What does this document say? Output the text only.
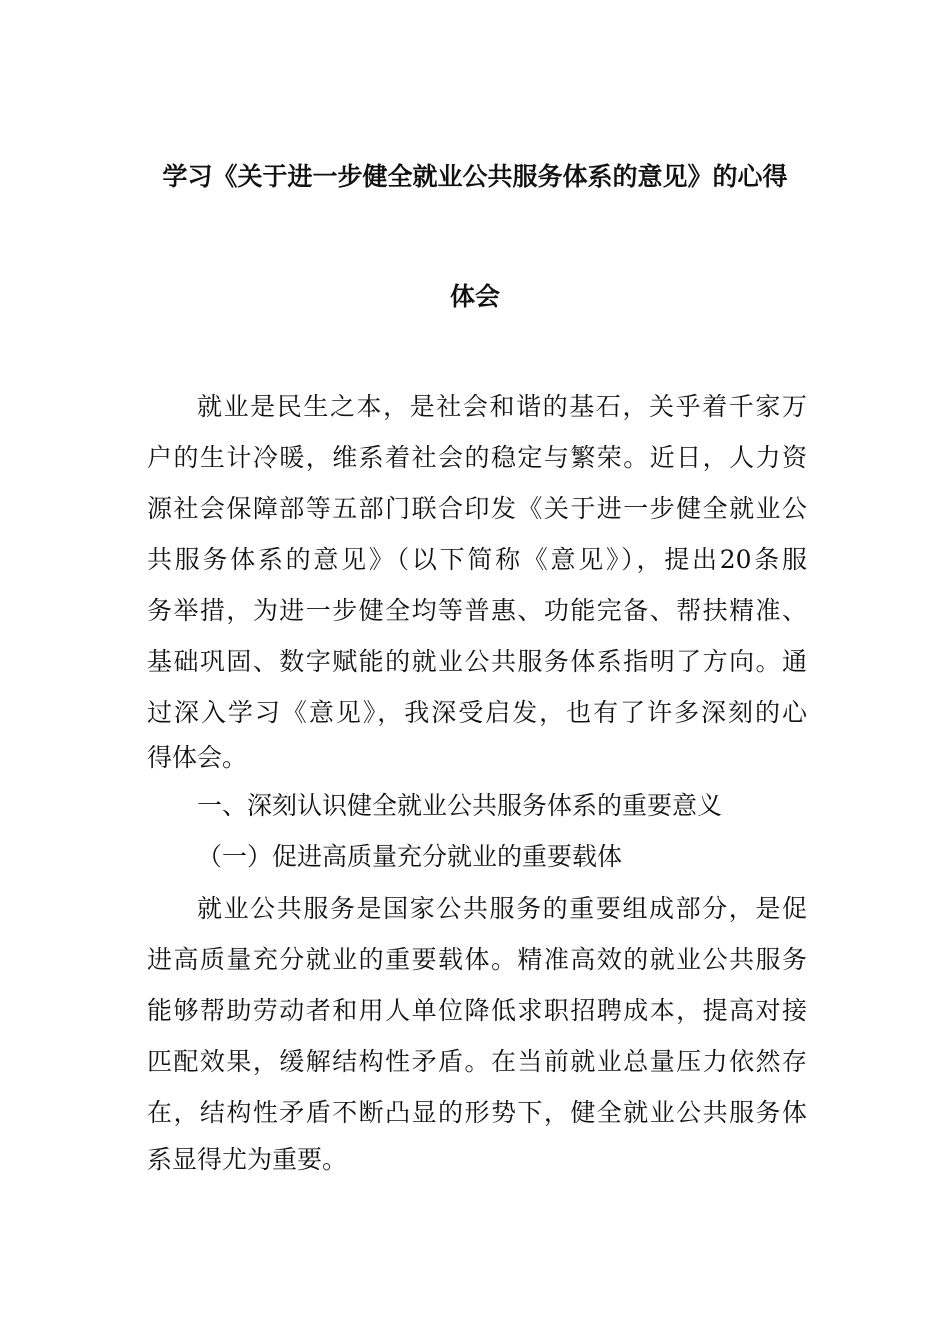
学习《关于进一步健全就业公共服务体系的意见》的心得
体会
就业是民生之本，是社会和谐的基石，关乎着千家万
户的生计冷暖，维系着社会的稳定与繁荣。近日，人力资
源社会保障部等五部门联合印发《关于进一步健全就业公
共服务体系的意见》（以下简称《意见》），提出20条服
务举措，为进一步健全均等普惠、功能完备、帮扶精准、
基础巩固、数字赋能的就业公共服务体系指明了方向。通
过深入学习《意见》，我深受启发，也有了许多深刻的心
得体会。
一、深刻认识健全就业公共服务体系的重要意义
（一）促进高质量充分就业的重要载体
就业公共服务是国家公共服务的重要组成部分，是促
进高质量充分就业的重要载体。精准高效的就业公共服务
能够帮助劳动者和用人单位降低求职招聘成本，提高对接
匹配效果，缓解结构性矛盾。在当前就业总量压力依然存
在，结构性矛盾不断凸显的形势下，健全就业公共服务体
系显得尤为重要。
